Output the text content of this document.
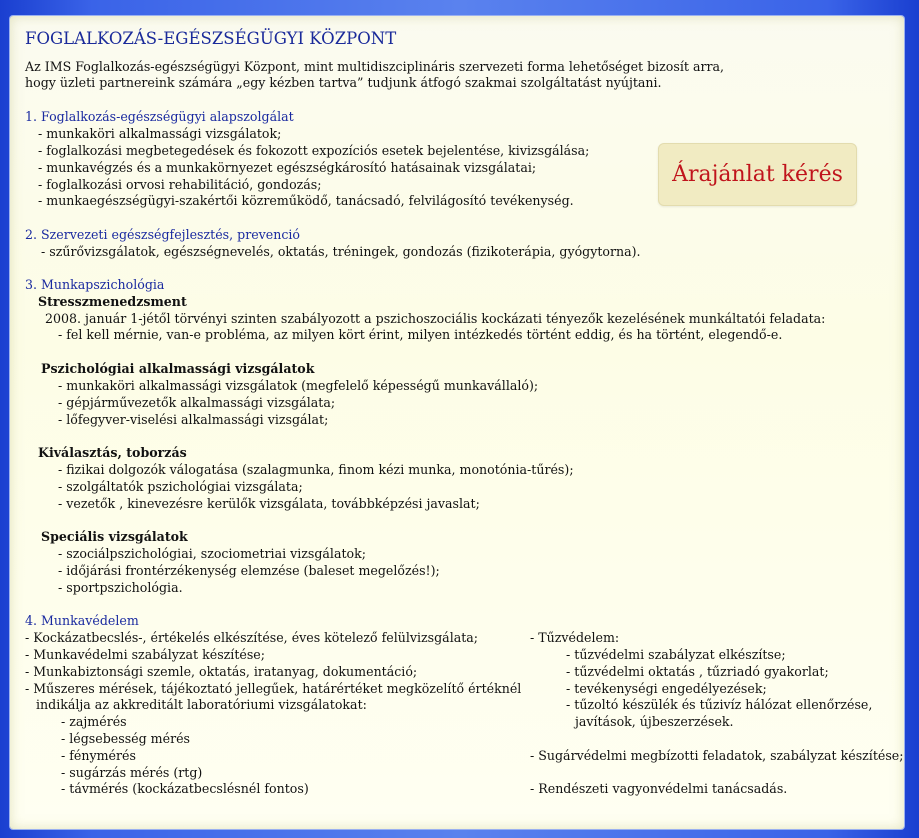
FOGLALKOZÁS-EGÉSZSÉGÜGYI KÖZPONT
Az IMS Foglalkozás-egészségügyi Központ, mint multidiszciplináris szervezeti forma lehetőséget bizosít arra,
hogy üzleti partnereink számára „egy kézben tartva” tudjunk átfogó szakmai szolgáltatást nyújtani.
Árajánlat kérés
1. Foglalkozás-egészségügyi alapszolgálat
- munkaköri alkalmassági vizsgálatok;
- foglalkozási megbetegedések és fokozott expozíciós esetek bejelentése, kivizsgálása;
- munkavégzés és a munkakörnyezet egészségkárosító hatásainak vizsgálatai;
- foglalkozási orvosi rehabilitáció, gondozás;
- munkaegészségügyi-szakértői közreműködő, tanácsadó, felvilágosító tevékenység.
2. Szervezeti egészségfejlesztés, prevenció
- szűrővizsgálatok, egészségnevelés, oktatás, tréningek, gondozás (fizikoterápia, gyógytorna).
3. Munkapszichológia
Stresszmenedzsment
2008. január 1-jétől törvényi szinten szabályozott a pszichoszociális kockázati tényezők kezelésének munkáltatói feladata:
- fel kell mérnie, van-e probléma, az milyen kört érint, milyen intézkedés történt eddig, és ha történt, elegendő-e.
Pszichológiai alkalmassági vizsgálatok
- munkaköri alkalmassági vizsgálatok (megfelelő képességű munkavállaló);
- gépjárművezetők alkalmassági vizsgálata;
- lőfegyver-viselési alkalmassági vizsgálat;
Kiválasztás, toborzás
- fizikai dolgozók válogatása (szalagmunka, finom kézi munka, monotónia-tűrés);
- szolgáltatók pszichológiai vizsgálata;
- vezetők , kinevezésre kerülők vizsgálata, továbbképzési javaslat;
Speciális vizsgálatok
- szociálpszichológiai, szociometriai vizsgálatok;
- időjárási frontérzékenység elemzése (baleset megelőzés!);
- sportpszichológia.
4. Munkavédelem
- Kockázatbecslés-, értékelés elkészítése, éves kötelező felülvizsgálata;
- Munkavédelmi szabályzat készítése;
- Munkabiztonsági szemle, oktatás, iratanyag, dokumentáció;
- Műszeres mérések, tájékoztató jellegűek, határértéket megközelítő értéknél
indikálja az akkreditált laboratóriumi vizsgálatokat:
- zajmérés
- légsebesség mérés
- fénymérés
- sugárzás mérés (rtg)
- távmérés (kockázatbecslésnél fontos)
- Tűzvédelem:
- tűzvédelmi szabályzat elkészítse;
- tűzvédelmi oktatás , tűzriadó gyakorlat;
- tevékenységi engedélyezések;
- tűzoltó készülék és tűzivíz hálózat ellenőrzése,
javítások, újbeszerzések.
- Sugárvédelmi megbízotti feladatok, szabályzat készítése;
- Rendészeti vagyonvédelmi tanácsadás.
